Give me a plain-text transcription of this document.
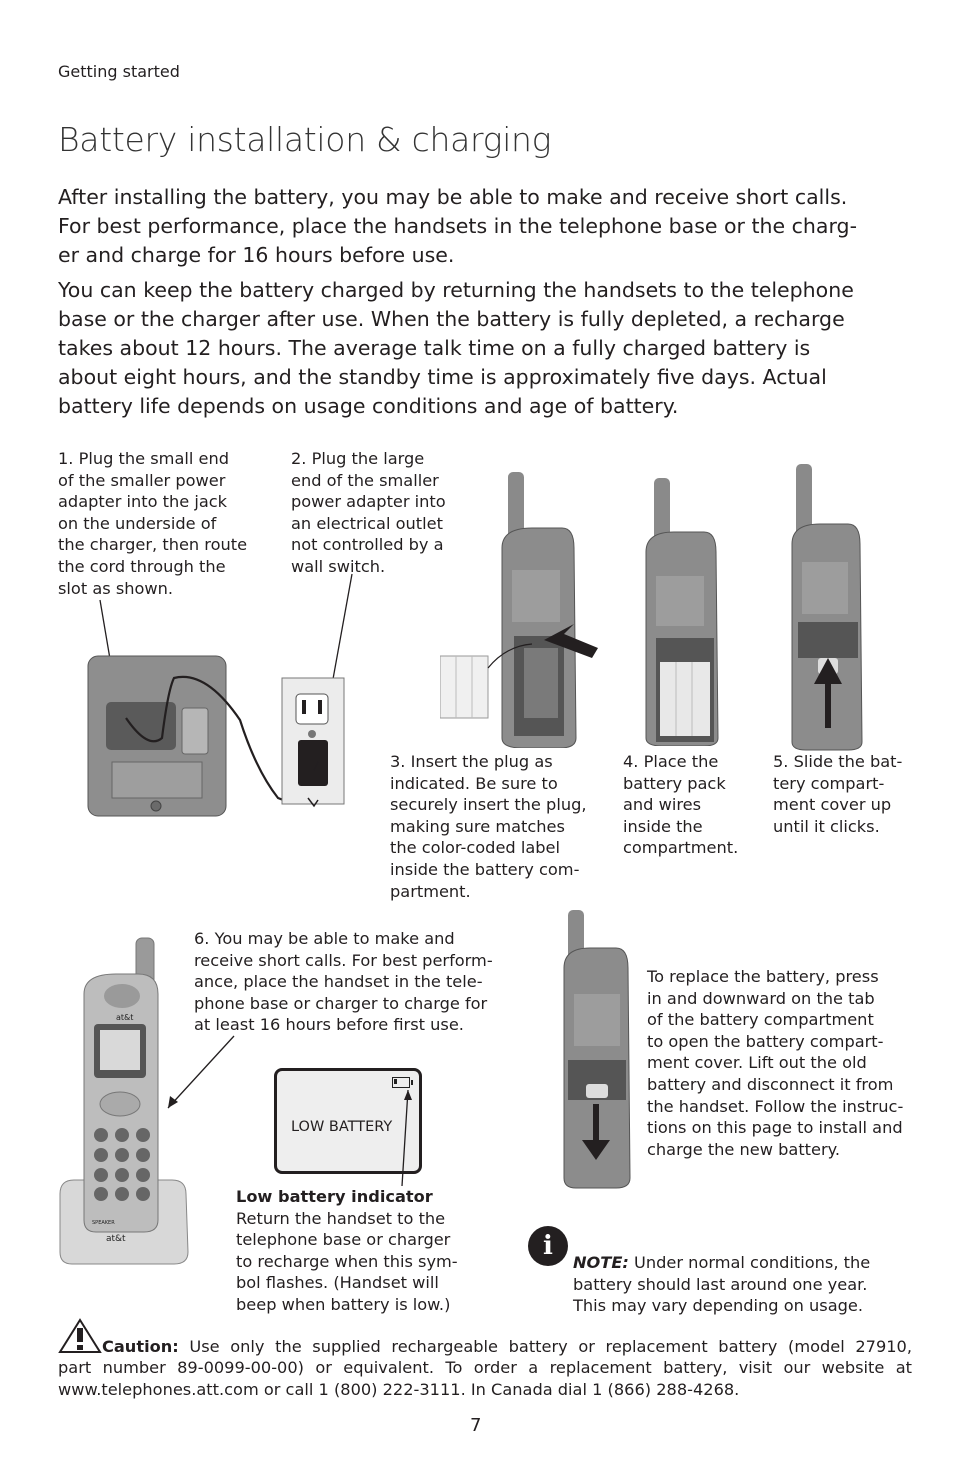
Getting started
Battery installation & charging
After installing the battery, you may be able to make and receive short calls.
For best performance, place the handsets in the telephone base or the charg-
er and charge for 16 hours before use.
You can keep the battery charged by returning the handsets to the telephone
base or the charger after use. When the battery is fully depleted, a recharge
takes about 12 hours. The average talk time on a fully charged battery is
about eight hours, and the standby time is approximately five days. Actual
battery life depends on usage conditions and age of battery.
1. Plug the small end
of the smaller power
adapter into the jack
on the underside of
the charger, then route
the cord through the
slot as shown.
2. Plug the large
end of the smaller
power adapter into
an electrical outlet
not controlled by a
wall switch.
3. Insert the plug as
indicated. Be sure to
securely insert the plug,
making sure matches
the color-coded label
inside the battery com-
partment.
4. Place the
battery pack
and wires
inside the
compartment.
5. Slide the bat-
tery compart-
ment cover up
until it clicks.
6. You may be able to make and
receive short calls. For best perform-
ance, place the handset in the tele-
phone base or charger to charge for
at least 16 hours before first use.
at&t
SPEAKER
at&t
LOW BATTERY
Low battery indicator
Return the handset to the
telephone base or charger
to recharge when this sym-
bol flashes. (Handset will
beep when battery is low.)
To replace the battery, press
in and downward on the tab
of the battery compartment
to open the battery compart-
ment cover. Lift out the old
battery and disconnect it from
the handset. Follow the instruc-
tions on this page to install and
charge the new battery.
i
NOTE: Under normal conditions, the
battery should last around one year.
This may vary depending on usage.
Caution: Use only the supplied rechargeable battery or replacement battery (model 27910,
part number 89-0099-00-00) or equivalent. To order a replacement battery, visit our website at
www.telephones.att.com or call 1 (800) 222-3111. In Canada dial 1 (866) 288-4268.
7
